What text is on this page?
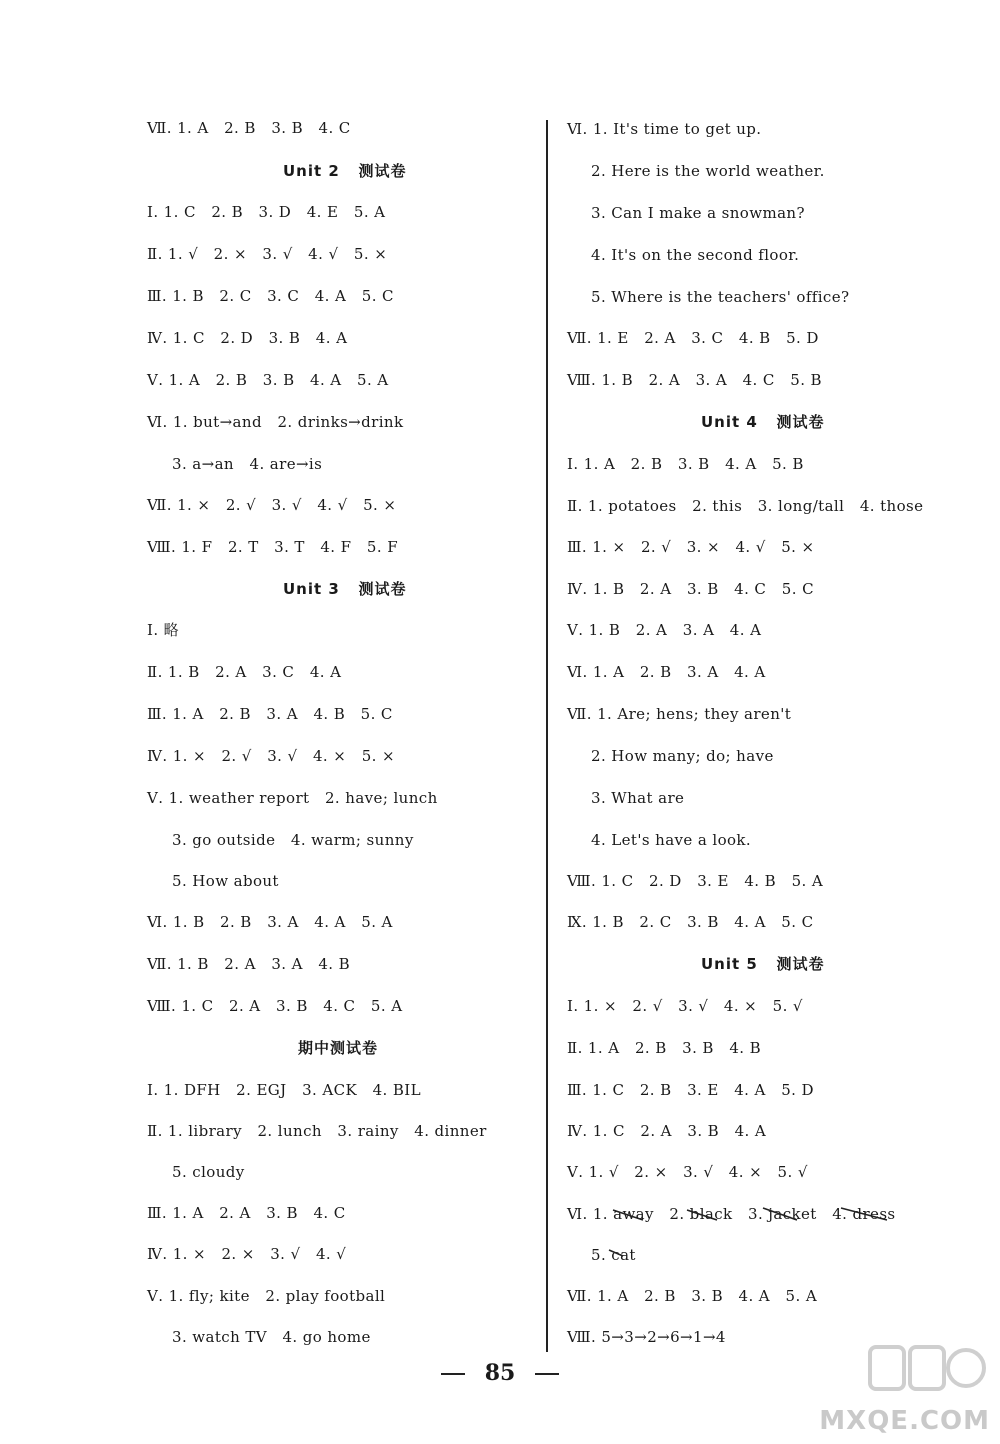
Ⅶ. 1. A   2. B   3. B   4. C
Unit 2   测试卷
Ⅰ. 1. C   2. B   3. D   4. E   5. A
Ⅱ. 1. √   2. ×   3. √   4. √   5. ×
Ⅲ. 1. B   2. C   3. C   4. A   5. C
Ⅳ. 1. C   2. D   3. B   4. A
Ⅴ. 1. A   2. B   3. B   4. A   5. A
Ⅵ. 1. but→and   2. drinks→drink
3. a→an   4. are→is
Ⅶ. 1. ×   2. √   3. √   4. √   5. ×
Ⅷ. 1. F   2. T   3. T   4. F   5. F
Unit 3   测试卷
Ⅰ. 略
Ⅱ. 1. B   2. A   3. C   4. A
Ⅲ. 1. A   2. B   3. A   4. B   5. C
Ⅳ. 1. ×   2. √   3. √   4. ×   5. ×
Ⅴ. 1. weather report   2. have; lunch
3. go outside   4. warm; sunny
5. How about
Ⅵ. 1. B   2. B   3. A   4. A   5. A
Ⅶ. 1. B   2. A   3. A   4. B
Ⅷ. 1. C   2. A   3. B   4. C   5. A
期中测试卷
Ⅰ. 1. DFH   2. EGJ   3. ACK   4. BIL
Ⅱ. 1. library   2. lunch   3. rainy   4. dinner
5. cloudy
Ⅲ. 1. A   2. A   3. B   4. C
Ⅳ. 1. ×   2. ×   3. √   4. √
Ⅴ. 1. fly; kite   2. play football
3. watch TV   4. go home
Ⅵ. 1. It's time to get up.
2. Here is the world weather.
3. Can I make a snowman?
4. It's on the second floor.
5. Where is the teachers' office?
Ⅶ. 1. E   2. A   3. C   4. B   5. D
Ⅷ. 1. B   2. A   3. A   4. C   5. B
Unit 4   测试卷
Ⅰ. 1. A   2. B   3. B   4. A   5. B
Ⅱ. 1. potatoes   2. this   3. long/tall   4. those
Ⅲ. 1. ×   2. √   3. ×   4. √   5. ×
Ⅳ. 1. B   2. A   3. B   4. C   5. C
Ⅴ. 1. B   2. A   3. A   4. A
Ⅵ. 1. A   2. B   3. A   4. A
Ⅶ. 1. Are; hens; they aren't
2. How many; do; have
3. What are
4. Let's have a look.
Ⅷ. 1. C   2. D   3. E   4. B   5. A
Ⅸ. 1. B   2. C   3. B   4. A   5. C
Unit 5   测试卷
Ⅰ. 1. ×   2. √   3. √   4. ×   5. √
Ⅱ. 1. A   2. B   3. B   4. B
Ⅲ. 1. C   2. B   3. E   4. A   5. D
Ⅳ. 1. C   2. A   3. B   4. A
Ⅴ. 1. √   2. ×   3. √   4. ×   5. √
Ⅵ. 1. away   2. black   3. jacket   4. dress
5. cat
Ⅶ. 1. A   2. B   3. B   4. A   5. A
Ⅷ. 5→3→2→6→1→4
85
MXQE.COM
